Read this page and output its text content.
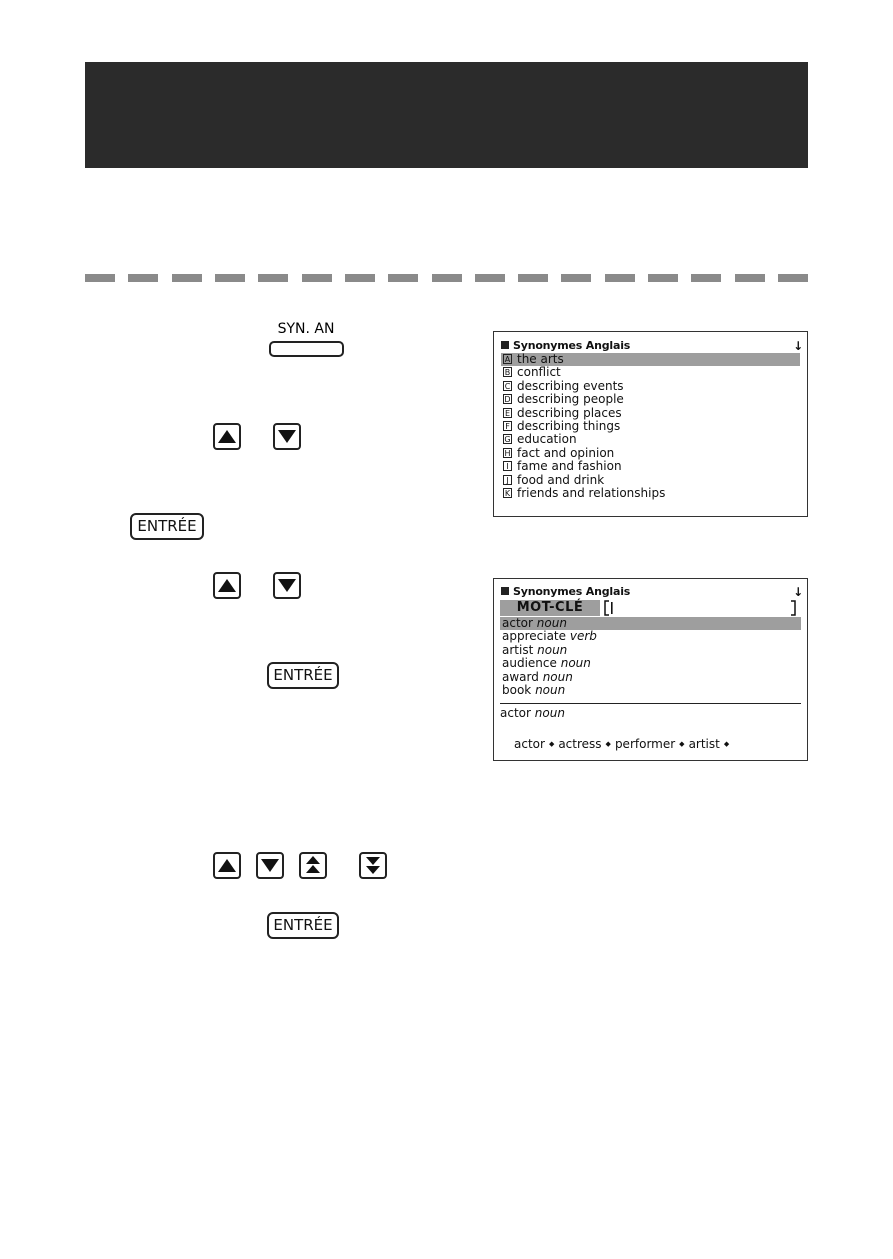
SYN. AN
ENTRÉE
ENTRÉE
ENTRÉE
Synonymes Anglais	↓
A the arts
B conflict
C describing events
D describing people
E describing places
F describing things
G education
H fact and opinion
I fame and fashion
J food and drink
K friends and relationships
Synonymes Anglais	↓
MOT-CLÉ
actor noun
appreciate verb
artist noun
audience noun
award noun
book noun
actor noun
actor ◆ actress ◆ performer ◆ artist ◆
